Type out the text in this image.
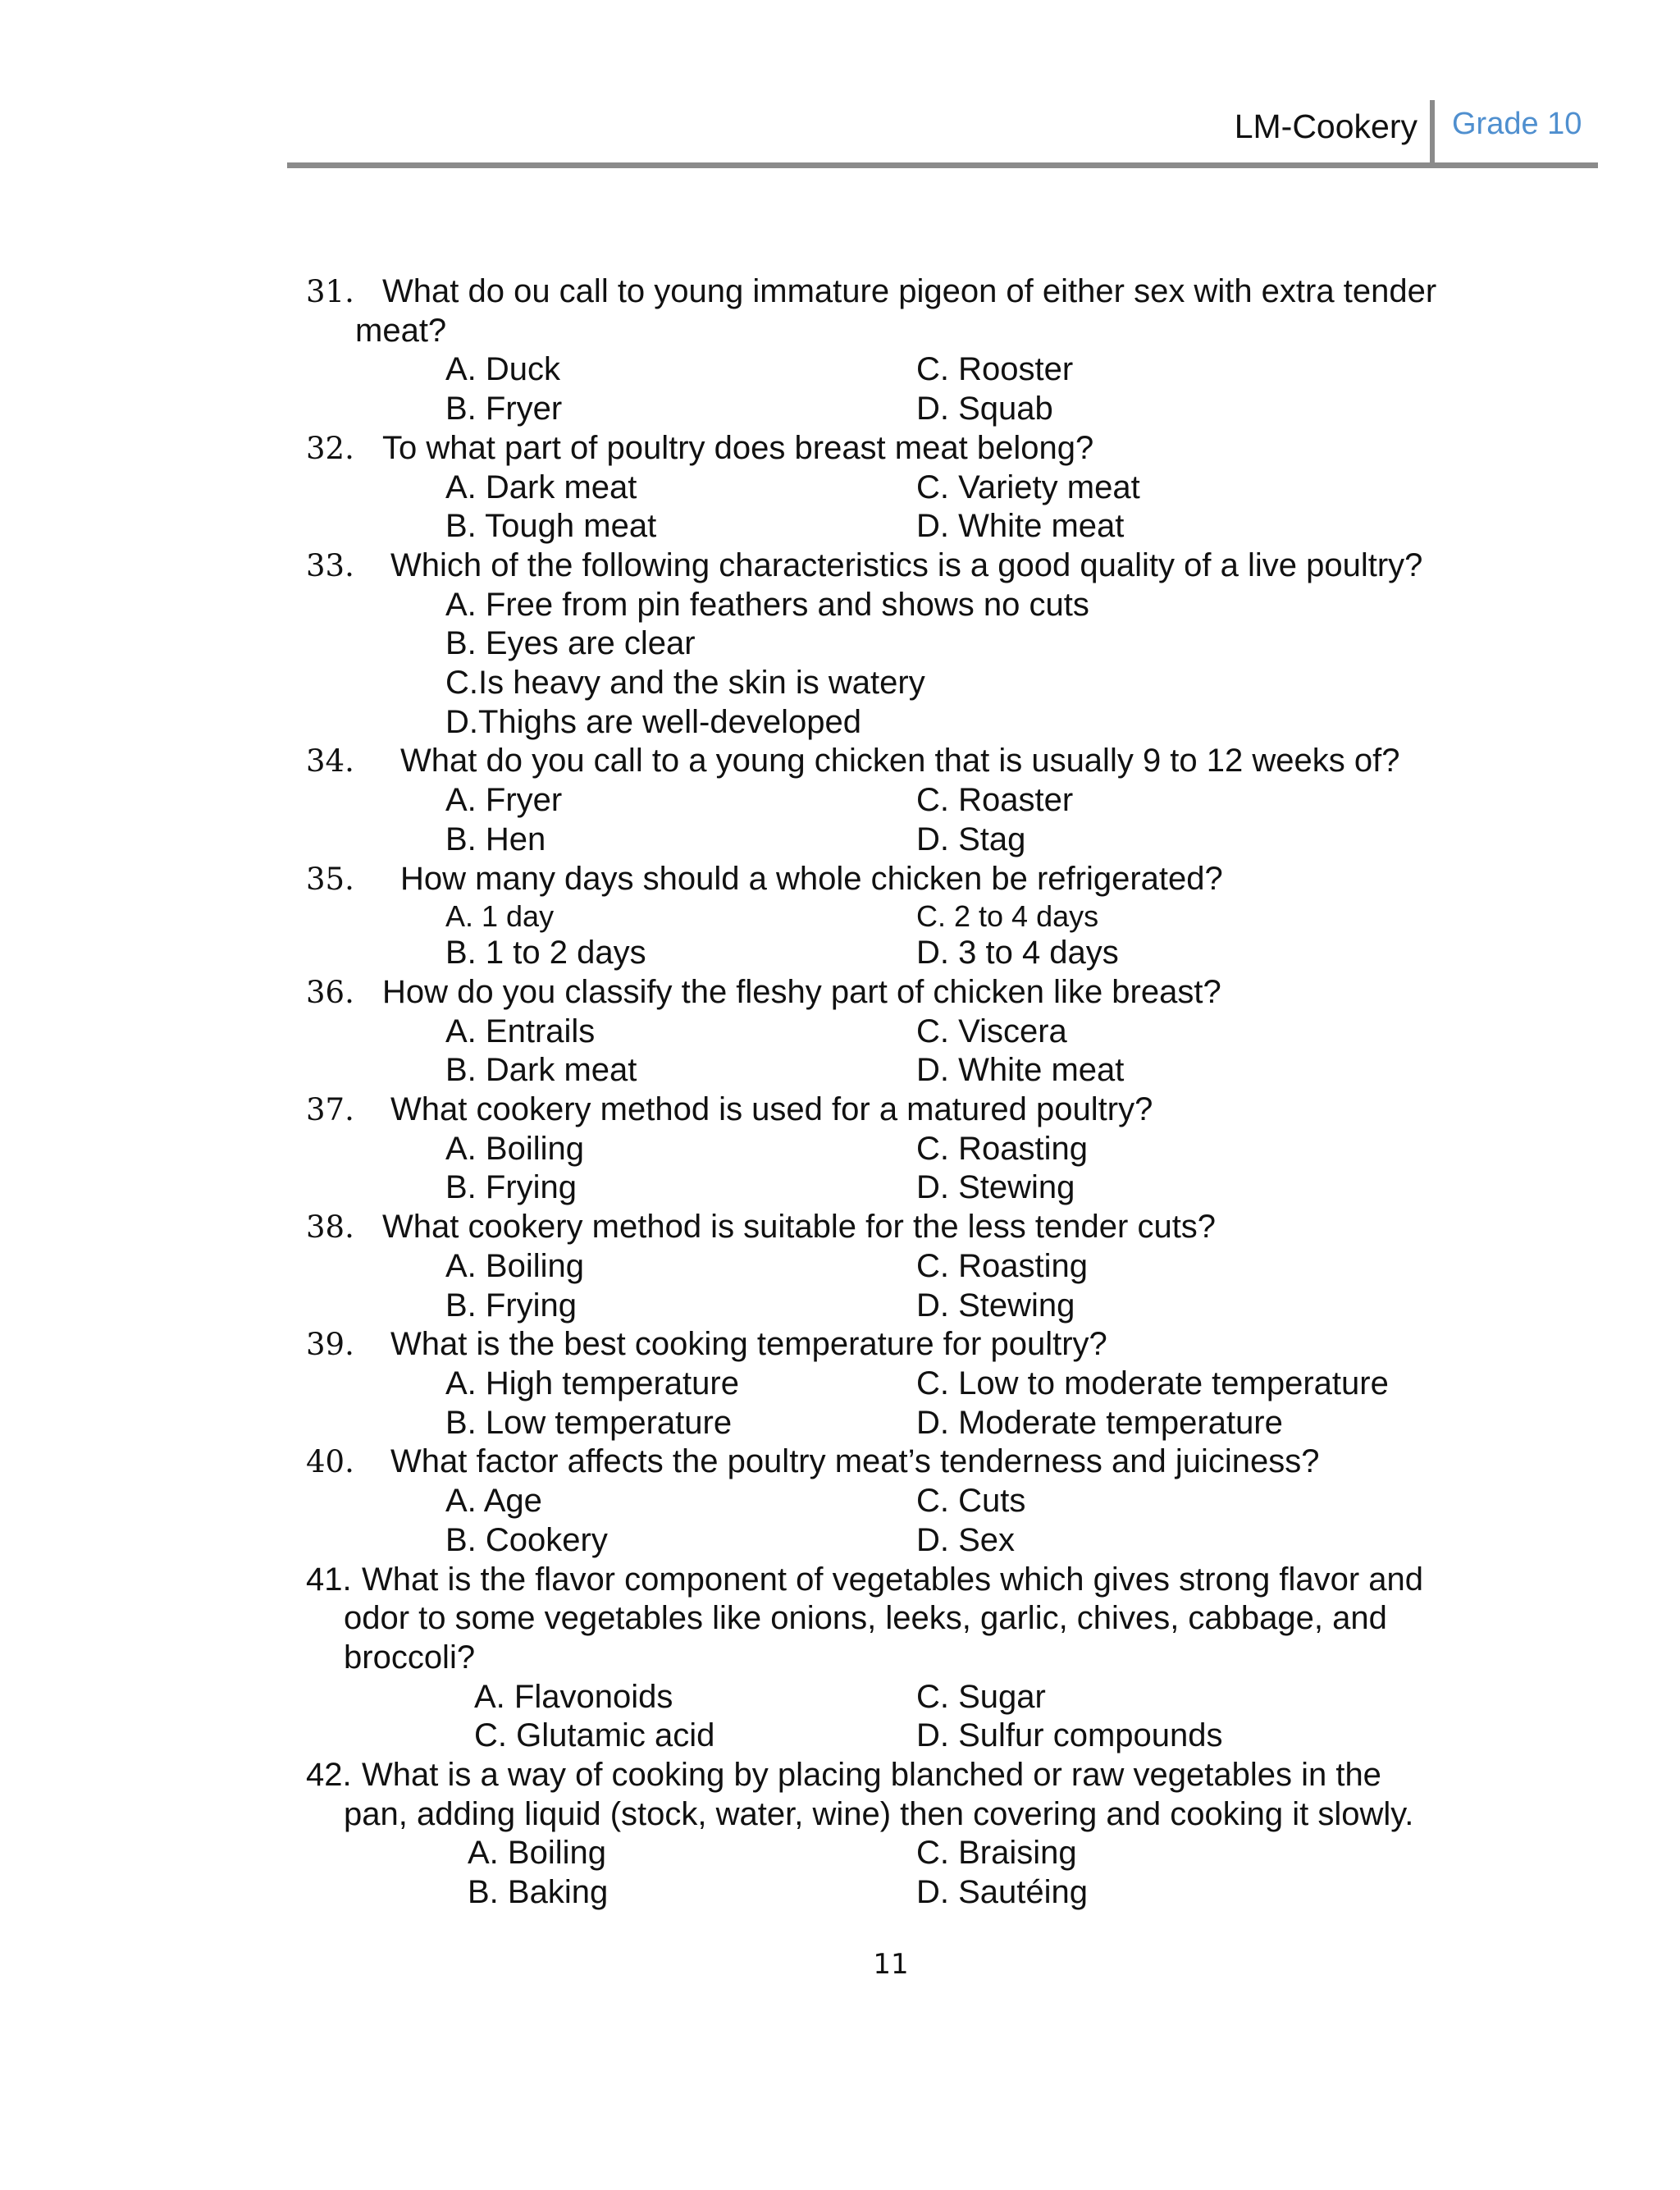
LM-Cookery Grade 10
31. What do ou call to young immature pigeon of either sex with extra tender
meat?
A. Duck	C. Rooster
B. Fryer	D. Squab
32. To what part of poultry does breast meat belong?
A. Dark meat	C. Variety meat
B. Tough meat	D. White meat
33.	Which of the following characteristics is a good quality of a live poultry?
A. Free from pin feathers and shows no cuts
B. Eyes are clear
C.Is heavy and the skin is watery
D.Thighs are well-developed
34.	What do you call to a young chicken that is usually 9 to 12 weeks of?
A. Fryer	C. Roaster
B. Hen	D. Stag
35.	How many days should a whole chicken be refrigerated?
A. 1 day	C. 2 to 4 days
B. 1 to 2 days	D. 3 to 4 days
36. How do you classify the fleshy part of chicken like breast?
A. Entrails	C. Viscera
B. Dark meat	D. White meat
37.	What cookery method is used for a matured poultry?
A. Boiling	C. Roasting
B. Frying	D. Stewing
38. What cookery method is suitable for the less tender cuts?
A. Boiling	C. Roasting
B. Frying	D. Stewing
39.	What is the best cooking temperature for poultry?
A. High temperature	C. Low to moderate temperature
B. Low temperature	D. Moderate temperature
40.	What factor affects the poultry meat’s tenderness and juiciness?
A. Age	C. Cuts
B. Cookery	D. Sex
41. What is the flavor component of vegetables which gives strong flavor and
odor to some vegetables like onions, leeks, garlic, chives, cabbage, and
broccoli?
A. Flavonoids	C. Sugar
C. Glutamic acid	D. Sulfur compounds
42. What is a way of cooking by placing blanched or raw vegetables in the
pan, adding liquid (stock, water, wine) then covering and cooking it slowly.
A. Boiling	C. Braising
B. Baking	D. Sautéing
11
